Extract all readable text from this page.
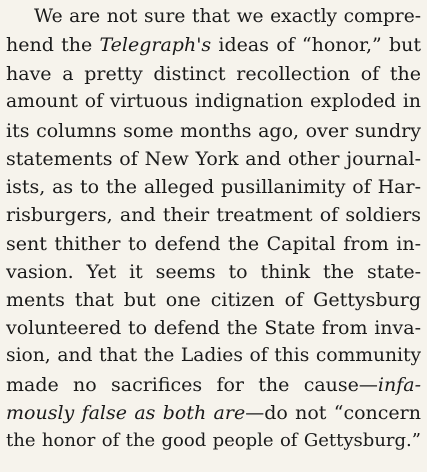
We are not sure that we exactly compre-

hend the Telegraph's ideas of “honor,” but

have a pretty distinct recollection of the

amount of virtuous indignation exploded in

its columns some months ago, over sundry

statements of New York and other journal-

ists, as to the alleged pusillanimity of Har-

risburgers, and their treatment of soldiers

sent thither to defend the Capital from in-

vasion. Yet it seems to think the state-

ments that but one citizen of Gettysburg

volunteered to defend the State from inva-

sion, and that the Ladies of this community

made no sacrifices for the cause—infa-

mously false as both are—do not “concern

the honor of the good people of Gettysburg.”
